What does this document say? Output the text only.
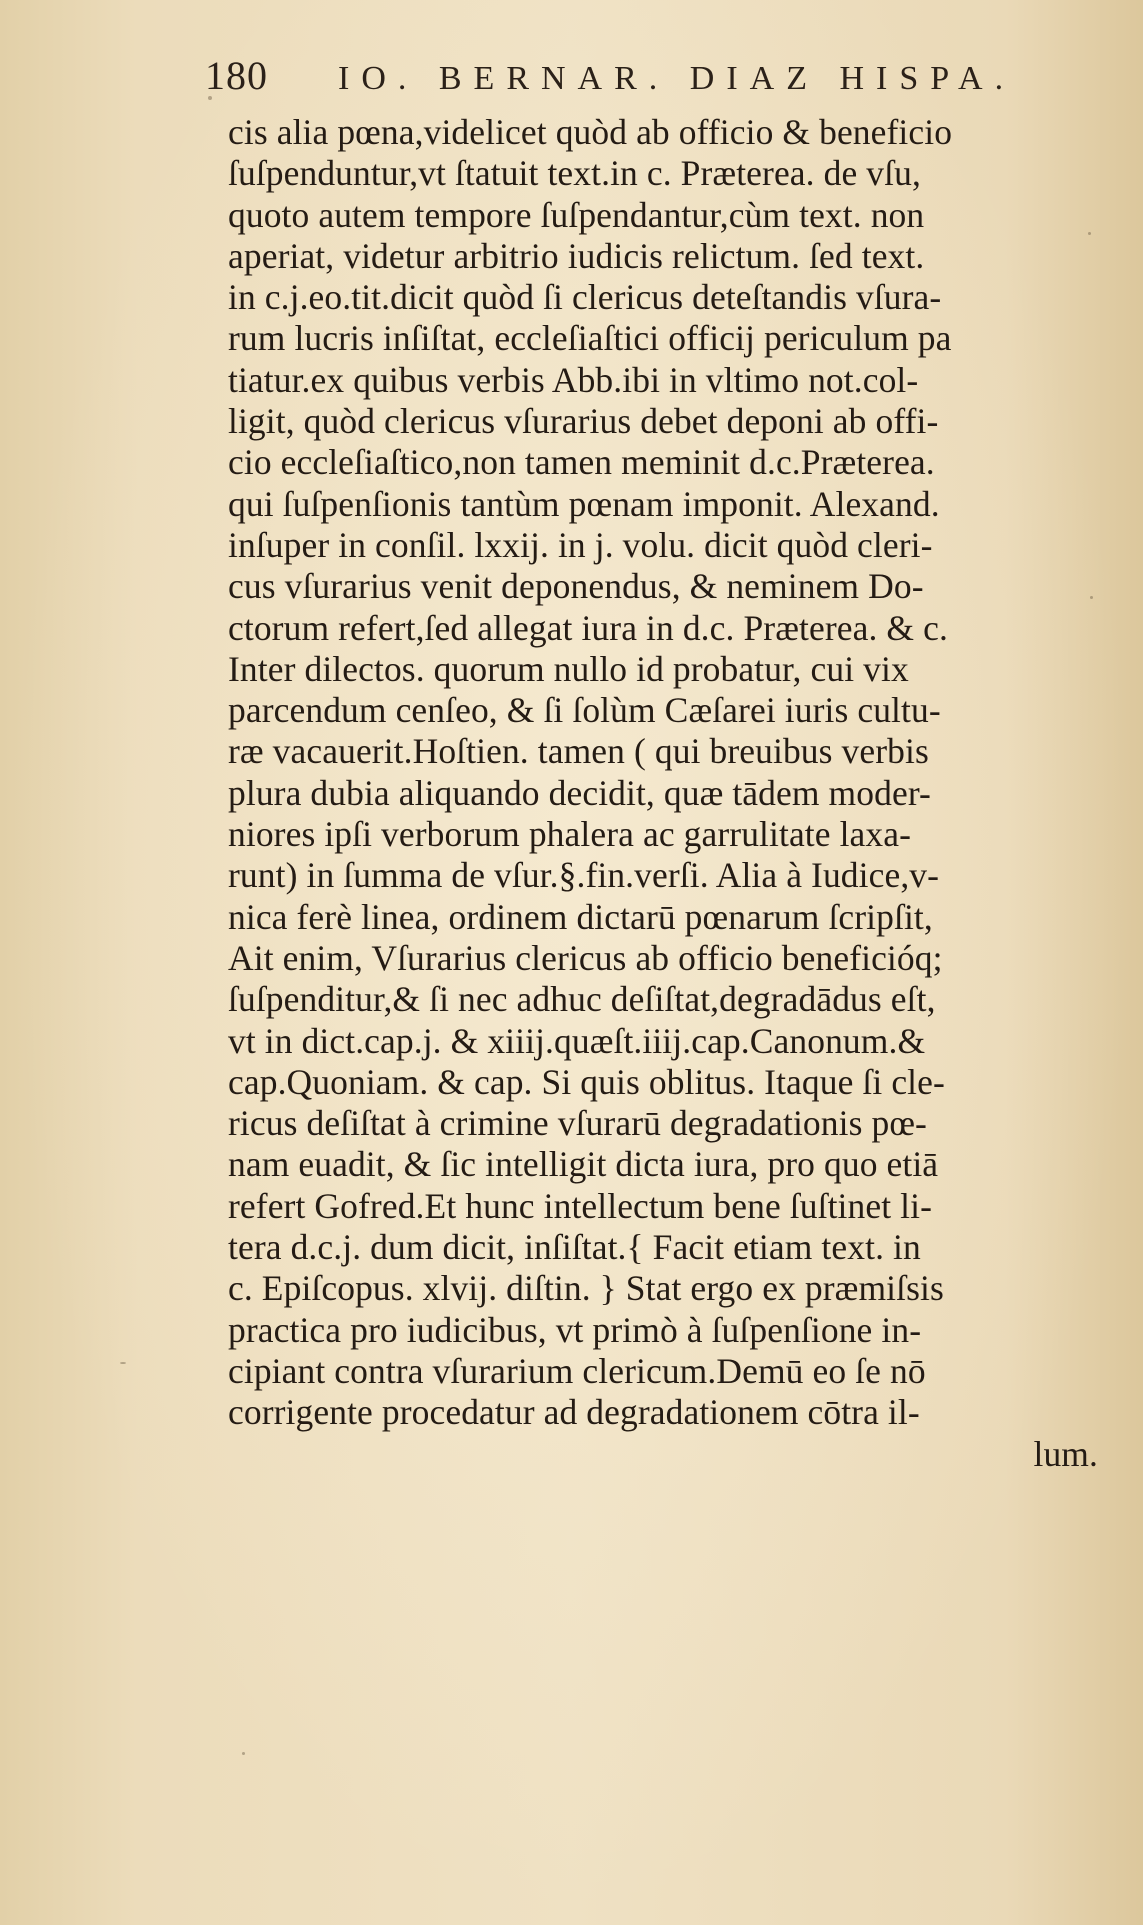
180 IO. BERNAR. DIAZ HISPA.
cis alia pœna,videlicet quòd ab officio & beneficio
ſuſpenduntur,vt ſtatuit text.in c. Præterea. de vſu,
quoto autem tempore ſuſpendantur,cùm text. non
aperiat, videtur arbitrio iudicis relictum. ſed text.
in c.j.eo.tit.dicit quòd ſi clericus deteſtandis vſura-
rum lucris inſiſtat, eccleſiaſtici officij periculum pa
tiatur.ex quibus verbis Abb.ibi in vltimo not.col-
ligit, quòd clericus vſurarius debet deponi ab offi-
cio eccleſiaſtico,non tamen meminit d.c.Præterea.
qui ſuſpenſionis tantùm pœnam imponit. Alexand.
inſuper in conſil. lxxij. in j. volu. dicit quòd cleri-
cus vſurarius venit deponendus, & neminem Do-
ctorum refert,ſed allegat iura in d.c. Præterea. & c.
Inter dilectos. quorum nullo id probatur, cui vix
parcendum cenſeo, & ſi ſolùm Cæſarei iuris cultu-
ræ vacauerit.Hoſtien. tamen ( qui breuibus verbis
plura dubia aliquando decidit, quæ tādem moder-
niores ipſi verborum phalera ac garrulitate laxa-
runt) in ſumma de vſur.§.fin.verſi. Alia à Iudice,v-
nica ferè linea, ordinem dictarū pœnarum ſcripſit,
Ait enim, Vſurarius clericus ab officio beneficióq;
ſuſpenditur,& ſi nec adhuc deſiſtat,degradādus eſt,
vt in dict.cap.j. & xiiij.quæſt.iiij.cap.Canonum.&
cap.Quoniam. & cap. Si quis oblitus. Itaque ſi cle-
ricus deſiſtat à crimine vſurarū degradationis pœ-
nam euadit, & ſic intelligit dicta iura, pro quo etiā
refert Gofred.Et hunc intellectum bene ſuſtinet li-
tera d.c.j. dum dicit, inſiſtat.{ Facit etiam text. in
c. Epiſcopus. xlvij. diſtin. } Stat ergo ex præmiſsis
practica pro iudicibus, vt primò à ſuſpenſione in-
cipiant contra vſurarium clericum.Demū eo ſe nō
corrigente procedatur ad degradationem cōtra il-
lum.
